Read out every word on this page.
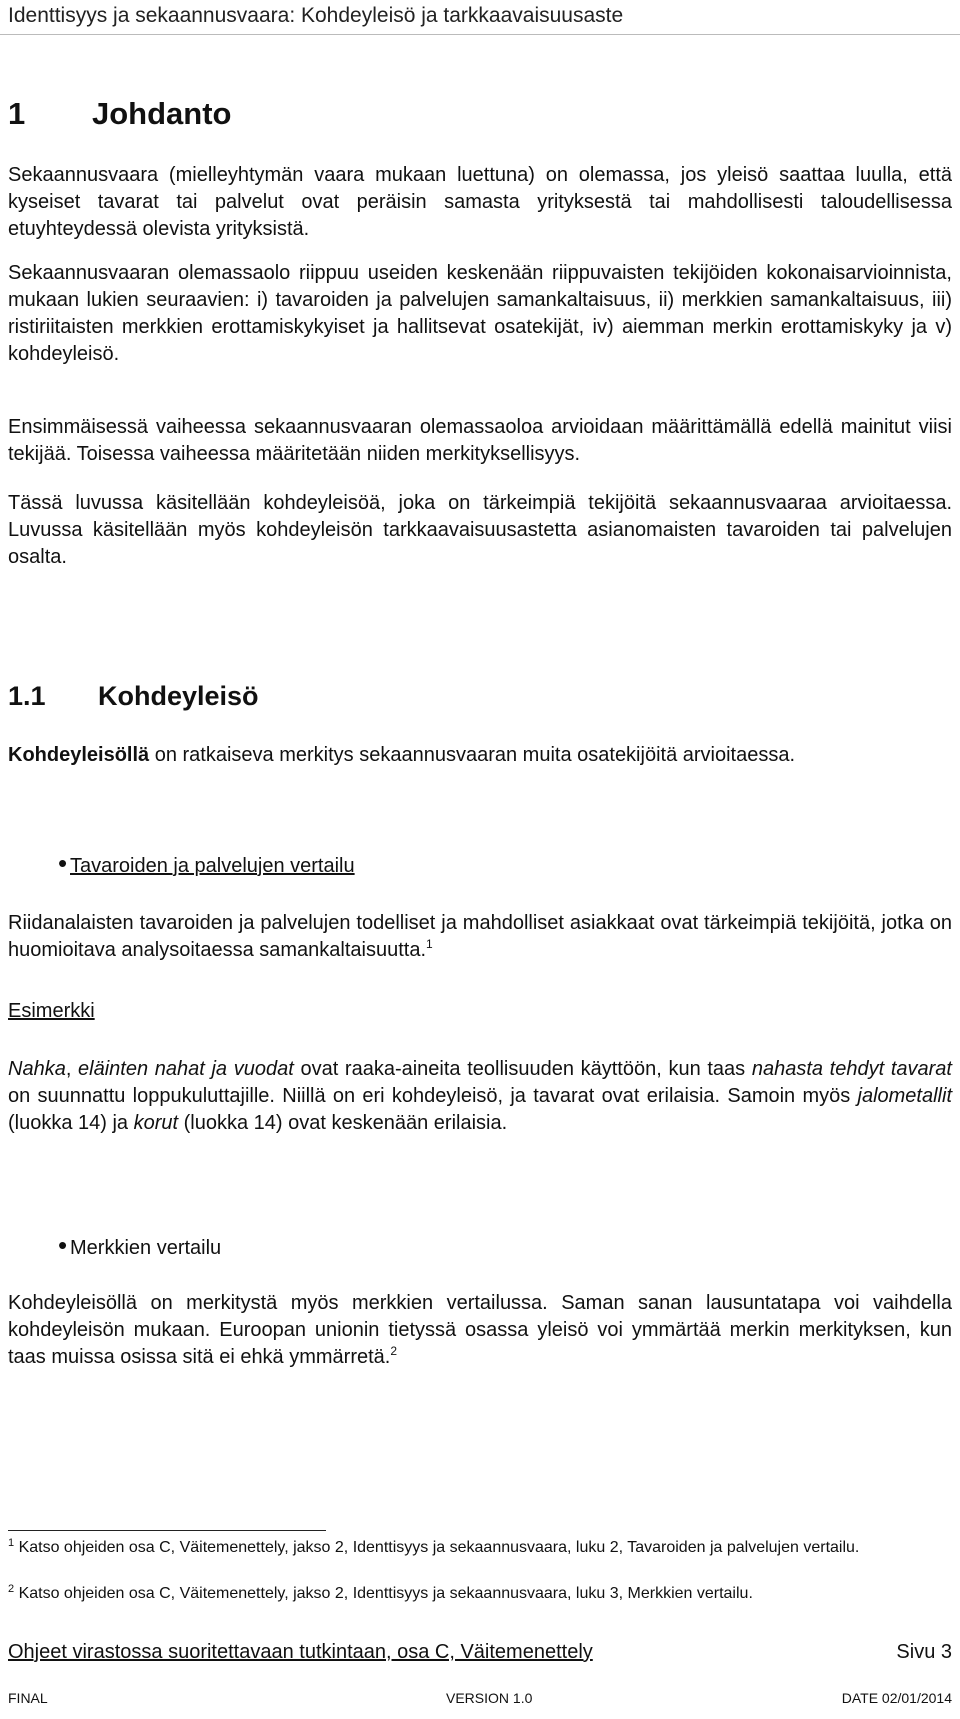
Identtisyys ja sekaannusvaara: Kohdeyleisö ja tarkkaavaisuusaste
1 Johdanto
Sekaannusvaara (mielleyhtymän vaara mukaan luettuna) on olemassa, jos yleisö saattaa luulla, että kyseiset tavarat tai palvelut ovat peräisin samasta yrityksestä tai mahdollisesti taloudellisessa etuyhteydessä olevista yrityksistä.
Sekaannusvaaran olemassaolo riippuu useiden keskenään riippuvaisten tekijöiden kokonaisarvioinnista, mukaan lukien seuraavien: i) tavaroiden ja palvelujen samankaltaisuus, ii) merkkien samankaltaisuus, iii) ristiriitaisten merkkien erottamiskykyiset ja hallitsevat osatekijät, iv) aiemman merkin erottamiskyky ja v) kohdeyleisö.
Ensimmäisessä vaiheessa sekaannusvaaran olemassaoloa arvioidaan määrittämällä edellä mainitut viisi tekijää. Toisessa vaiheessa määritetään niiden merkityksellisyys.
Tässä luvussa käsitellään kohdeyleisöä, joka on tärkeimpiä tekijöitä sekaannusvaaraa arvioitaessa. Luvussa käsitellään myös kohdeyleisön tarkkaavaisuusastetta asianomaisten tavaroiden tai palvelujen osalta.
1.1 Kohdeyleisö
Kohdeyleisöllä on ratkaiseva merkitys sekaannusvaaran muita osatekijöitä arvioitaessa.
• Tavaroiden ja palvelujen vertailu
Riidanalaisten tavaroiden ja palvelujen todelliset ja mahdolliset asiakkaat ovat tärkeimpiä tekijöitä, jotka on huomioitava analysoitaessa samankaltaisuutta.$^1$
Esimerkki
Nahka, eläinten nahat ja vuodat ovat raaka-aineita teollisuuden käyttöön, kun taas nahasta tehdyt tavarat on suunnattu loppukuluttajille. Niillä on eri kohdeyleisö, ja tavarat ovat erilaisia. Samoin myös jalometallit (luokka 14) ja korut (luokka 14) ovat keskenään erilaisia.
• Merkkien vertailu
Kohdeyleisöllä on merkitystä myös merkkien vertailussa. Saman sanan lausuntatapa voi vaihdella kohdeyleisön mukaan. Euroopan unionin tietyssä osassa yleisö voi ymmärtää merkin merkityksen, kun taas muissa osissa sitä ei ehkä ymmärretä.$^2$
$^1$ Katso ohjeiden osa C, Väitemenettely, jakso 2, Identtisyys ja sekaannusvaara, luku 2, Tavaroiden ja palvelujen vertailu.
$^2$ Katso ohjeiden osa C, Väitemenettely, jakso 2, Identtisyys ja sekaannusvaara, luku 3, Merkkien vertailu.
Ohjeet virastossa suoritettavaan tutkintaan, osa C, Väitemenettely	Sivu 3
FINAL	VERSION 1.0	DATE 02/01/2014
